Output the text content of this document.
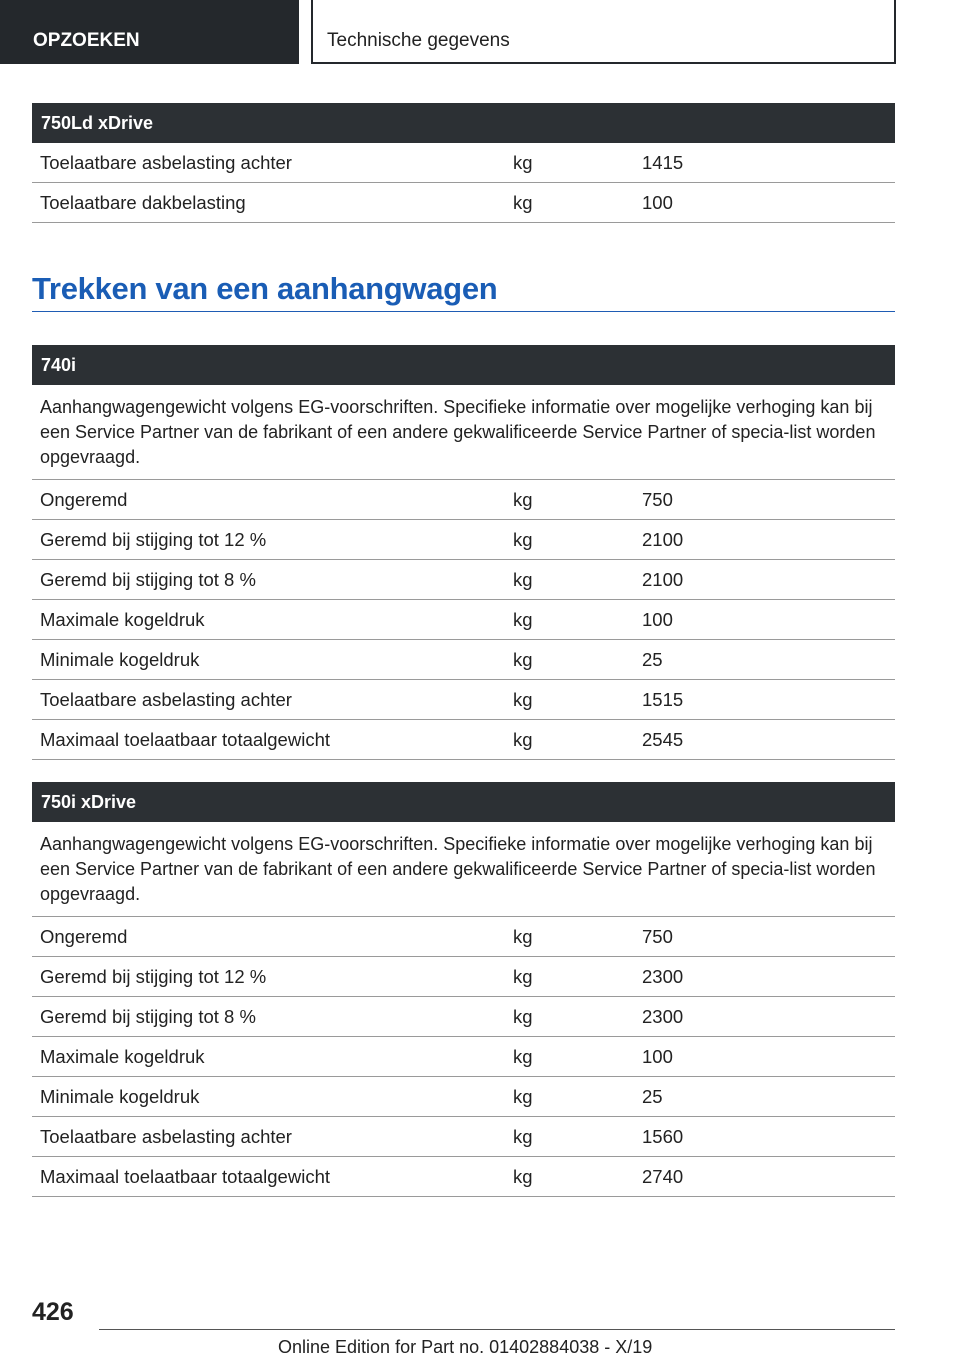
OPZOEKEN	Technische gegevens
750Ld xDrive
Toelaatbare asbelasting achter	kg	1415
Toelaatbare dakbelasting	kg	100
Trekken van een aanhangwagen
740i
Aanhangwagengewicht volgens EG-voorschriften. Specifieke informatie over mogelijke verhoging kan bij een Service Partner van de fabrikant of een andere gekwalificeerde Service Partner of specia-list worden opgevraagd.
Ongeremd	kg	750
Geremd bij stijging tot 12 %	kg	2100
Geremd bij stijging tot 8 %	kg	2100
Maximale kogeldruk	kg	100
Minimale kogeldruk	kg	25
Toelaatbare asbelasting achter	kg	1515
Maximaal toelaatbaar totaalgewicht	kg	2545
750i xDrive
Aanhangwagengewicht volgens EG-voorschriften. Specifieke informatie over mogelijke verhoging kan bij een Service Partner van de fabrikant of een andere gekwalificeerde Service Partner of specia-list worden opgevraagd.
Ongeremd	kg	750
Geremd bij stijging tot 12 %	kg	2300
Geremd bij stijging tot 8 %	kg	2300
Maximale kogeldruk	kg	100
Minimale kogeldruk	kg	25
Toelaatbare asbelasting achter	kg	1560
Maximaal toelaatbaar totaalgewicht	kg	2740
426
Online Edition for Part no. 01402884038 - X/19
